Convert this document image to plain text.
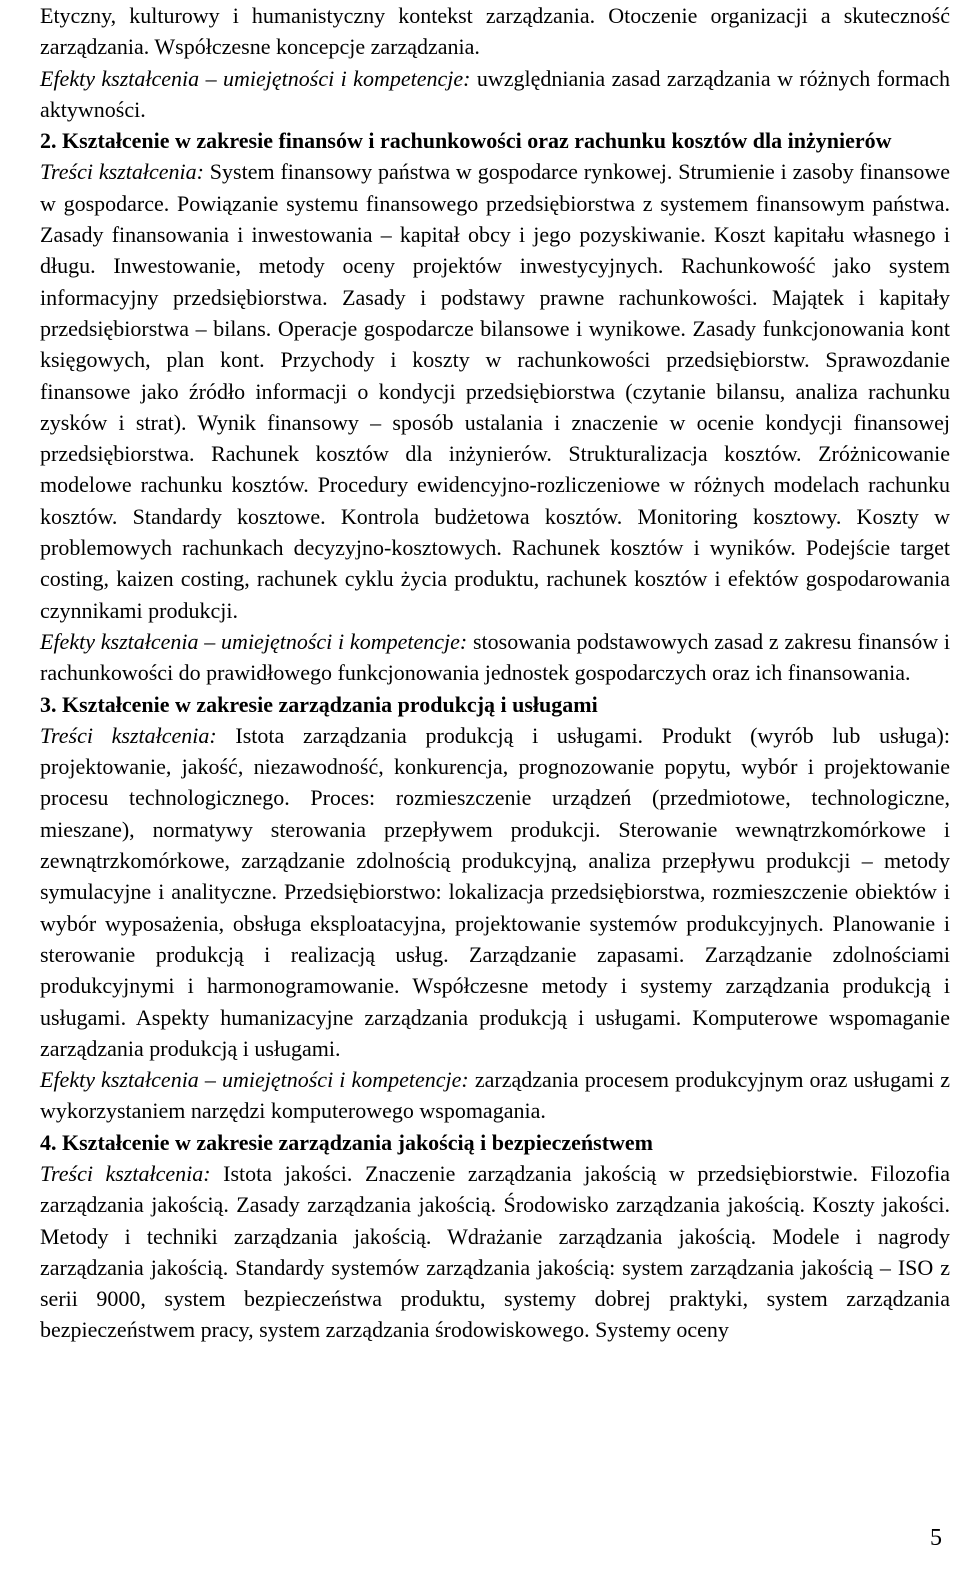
Etyczny, kulturowy i humanistyczny kontekst zarządzania. Otoczenie organizacji a skuteczność zarządzania. Współczesne koncepcje zarządzania.
Efekty kształcenia – umiejętności i kompetencje: uwzględniania zasad zarządzania w różnych formach aktywności.

2. Kształcenie w zakresie finansów i rachunkowości oraz rachunku kosztów dla inżynierów

Treści kształcenia: System finansowy państwa w gospodarce rynkowej. Strumienie i zasoby finansowe w gospodarce. Powiązanie systemu finansowego przedsiębiorstwa z systemem finansowym państwa. Zasady finansowania i inwestowania – kapitał obcy i jego pozyskiwanie. Koszt kapitału własnego i długu. Inwestowanie, metody oceny projektów inwestycyjnych. Rachunkowość jako system informacyjny przedsiębiorstwa. Zasady i podstawy prawne rachunkowości. Majątek i kapitały przedsiębiorstwa – bilans. Operacje gospodarcze bilansowe i wynikowe. Zasady funkcjonowania kont księgowych, plan kont. Przychody i koszty w rachunkowości przedsiębiorstw. Sprawozdanie finansowe jako źródło informacji o kondycji przedsiębiorstwa (czytanie bilansu, analiza rachunku zysków i strat). Wynik finansowy – sposób ustalania i znaczenie w ocenie kondycji finansowej przedsiębiorstwa. Rachunek kosztów dla inżynierów. Strukturalizacja kosztów. Zróżnicowanie modelowe rachunku kosztów. Procedury ewidencyjno-rozliczeniowe w różnych modelach rachunku kosztów. Standardy kosztowe. Kontrola budżetowa kosztów. Monitoring kosztowy. Koszty w problemowych rachunkach decyzyjno-kosztowych. Rachunek kosztów i wyników. Podejście target costing, kaizen costing, rachunek cyklu życia produktu, rachunek kosztów i efektów gospodarowania czynnikami produkcji.
Efekty kształcenia – umiejętności i kompetencje: stosowania podstawowych zasad z zakresu finansów i rachunkowości do prawidłowego funkcjonowania jednostek gospodarczych oraz ich finansowania.

3. Kształcenie w zakresie zarządzania produkcją i usługami

Treści kształcenia: Istota zarządzania produkcją i usługami. Produkt (wyrób lub usługa): projektowanie, jakość, niezawodność, konkurencja, prognozowanie popytu, wybór i projektowanie procesu technologicznego. Proces: rozmieszczenie urządzeń (przedmiotowe, technologiczne, mieszane), normatywy sterowania przepływem produkcji. Sterowanie wewnątrzkomórkowe i zewnątrzkomórkowe, zarządzanie zdolnością produkcyjną, analiza przepływu produkcji – metody symulacyjne i analityczne. Przedsiębiorstwo: lokalizacja przedsiębiorstwa, rozmieszczenie obiektów i wybór wyposażenia, obsługa eksploatacyjna, projektowanie systemów produkcyjnych. Planowanie i sterowanie produkcją i realizacją usług. Zarządzanie zapasami. Zarządzanie zdolnościami produkcyjnymi i harmonogramowanie. Współczesne metody i systemy zarządzania produkcją i usługami. Aspekty humanizacyjne zarządzania produkcją i usługami. Komputerowe wspomaganie zarządzania produkcją i usługami.
Efekty kształcenia – umiejętności i kompetencje: zarządzania procesem produkcyjnym oraz usługami z wykorzystaniem narzędzi komputerowego wspomagania.

4. Kształcenie w zakresie zarządzania jakością i bezpieczeństwem

Treści kształcenia: Istota jakości. Znaczenie zarządzania jakością w przedsiębiorstwie. Filozofia zarządzania jakością. Zasady zarządzania jakością. Środowisko zarządzania jakością. Koszty jakości. Metody i techniki zarządzania jakością. Wdrażanie zarządzania jakością. Modele i nagrody zarządzania jakością. Standardy systemów zarządzania jakością: system zarządzania jakością – ISO z serii 9000, system bezpieczeństwa produktu, systemy dobrej praktyki, system zarządzania bezpieczeństwem pracy, system zarządzania środowiskowego. Systemy oceny

5
